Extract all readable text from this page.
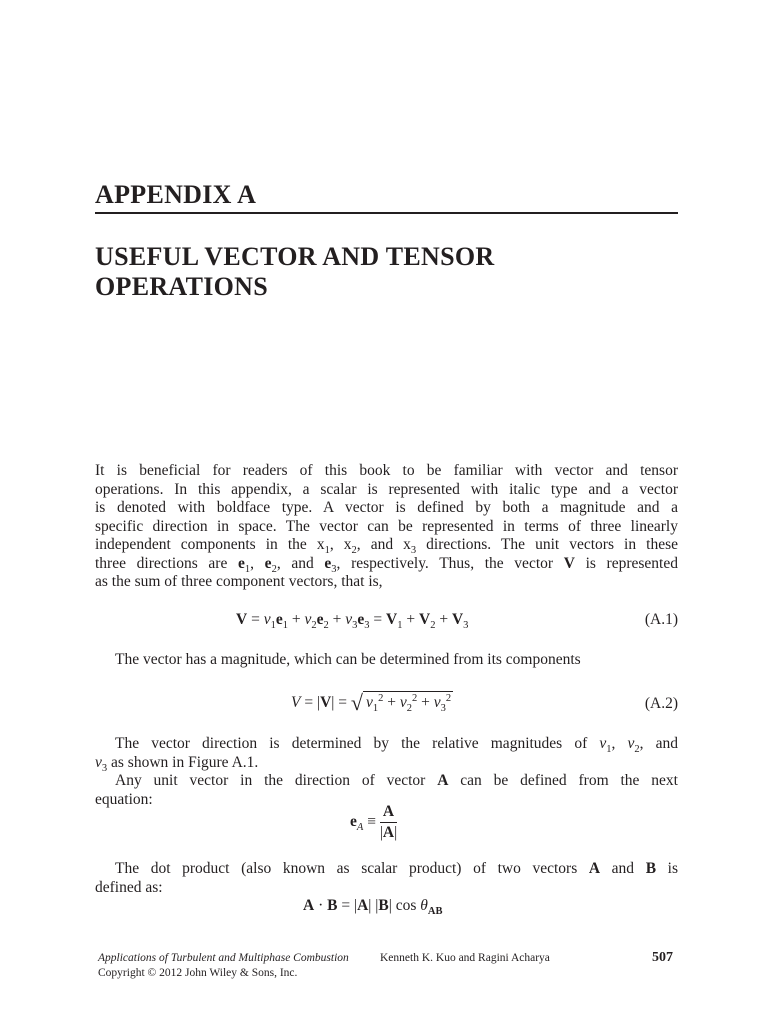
APPENDIX A
USEFUL VECTOR AND TENSOR
OPERATIONS
It is beneficial for readers of this book to be familiar with vector and tensor
operations. In this appendix, a scalar is represented with italic type and a vector
is denoted with boldface type. A vector is defined by both a magnitude and a
specific direction in space. The vector can be represented in terms of three linearly
independent components in the $x_1$, $x_2$, and $x_3$ directions. The unit vectors in these
three directions are $e_1$, $e_2$, and $e_3$, respectively. Thus, the vector V is represented
as the sum of three component vectors, that is,
$V = v_1e_1 + v_2e_2 + v_3e_3 = V_1 + V_2 + V_3$	(A.1)
The vector has a magnitude, which can be determined from its components
V = |V| = √ $v_1^2 + v_2^2 + v_3^2$	(A.2)
The vector direction is determined by the relative magnitudes of $v_1$, $v_2$, and
$v_3$ as shown in Figure A.1.
Any unit vector in the direction of vector A can be defined from the next
equation:
$e_A \equiv \frac{A}{|A|}$
The dot product (also known as scalar product) of two vectors A and B is
defined as:
A · B = |A| |B| $\cos \theta_{AB}$
Applications of Turbulent and Multiphase Combustion	Kenneth K. Kuo and Ragini Acharya	507
Copyright © 2012 John Wiley & Sons, Inc.
